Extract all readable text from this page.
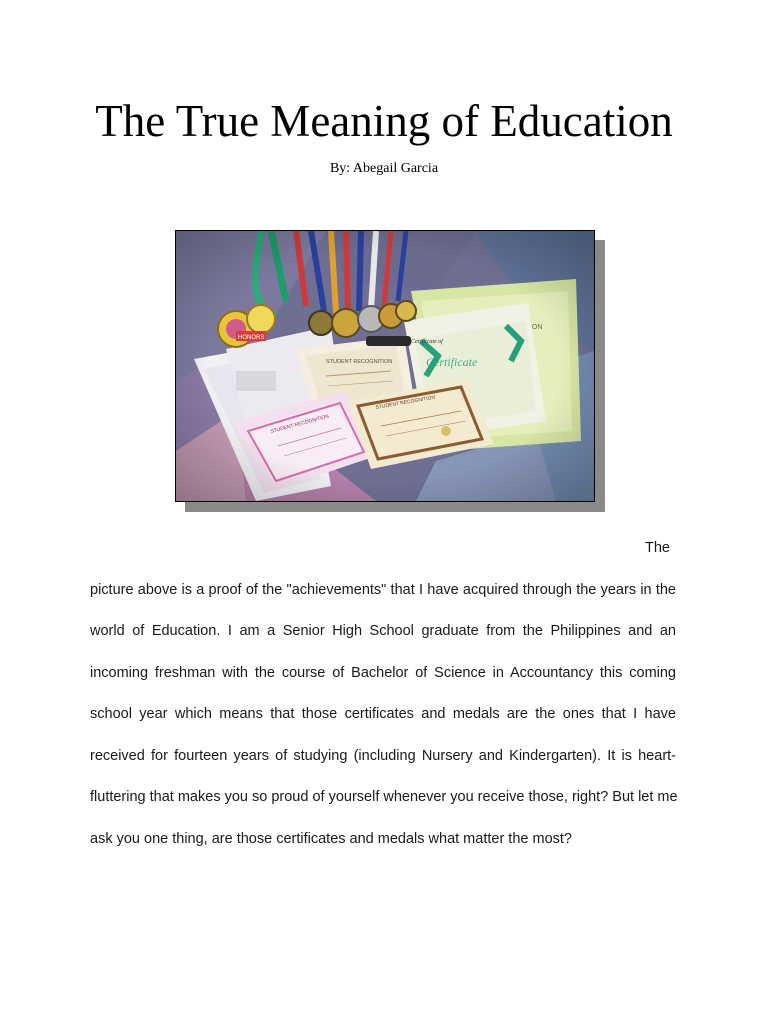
The True Meaning of Education
By: Abegail Garcia
The
picture above is a proof of the "achievements" that I have acquired through the years in the
world of Education. I am a Senior High School graduate from the Philippines and an
incoming freshman with the course of Bachelor of Science in Accountancy this coming
school year which means that those certificates and medals are the ones that I have
received for fourteen years of studying (including Nursery and Kindergarten). It is heart-
fluttering that makes you so proud of yourself whenever you receive those, right? But let me
ask you one thing, are those certificates and medals what matter the most?
